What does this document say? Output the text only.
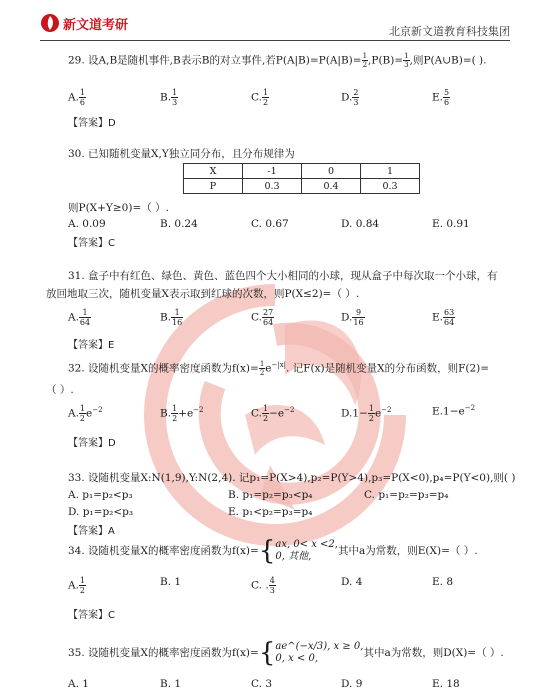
新文道考研	北京新文道教育科技集团
29. 设A,B是随机事件,B表示B的对立事件,若$P(A|B)=P(A|B)= \frac{1}{2} ,P(B)= \frac{1}{3}$ ,则P(A∪B)=( ).
A. $\frac{1}{6}$	B. $\frac{1}{3}$	C. $\frac{1}{2}$	D. $\frac{2}{3}$	E. $\frac{5}{6}$
【答案】D
30. 已知随机变量X,Y独立同分布，且分布规律为
X	-1	0	1
P	0.3	0.4	0.3
则P(X+Y≥0)=（ ）.
A. 0.09	B. 0.24	C. 0.67	D. 0.84	E. 0.91
【答案】C
31. 盒子中有红色、绿色、黄色、蓝色四个大小相同的小球，现从盒子中每次取一个小球，有
放回地取三次，随机变量X表示取到红球的次数，则P(X≤2)=（ ）.
A. $\frac{1}{64}$	B. $\frac{1}{16}$	C. $\frac{27}{64}$	D. $\frac{9}{16}$	E. $\frac{63}{64}$
【答案】E
32. 设随机变量X的概率密度函数为$f(x)= \frac{1}{2} e^{-|x|}$. 记F(x)是随机变量X的分布函数，则F(2)=
（ ）.
A. $\frac{1}{2} e^{-2}$	B. $\frac{1}{2} +e^{-2}$	C. $\frac{1}{2} -e^{-2}$	$D.1- \frac{1}{2} e^{-2}$	$E.1-e^{-2}$
【答案】D
33. 设随机变量X:N(1,9),Y:N(2,4). 记p₁=P(X>4),p₂=P(Y>4),p₃=P(X<0),p₄=P(Y<0),则( )
A. p₁=p₂<p₃	B. p₁=p₂=p₃<p₄	C. p₁=p₂=p₃=p₄
D. p₁=p₂<p₃	E. p₁<p₂=p₃=p₄
【答案】A
34. 设随机变量X的概率密度函数为f(x)={ ax, 0< x <2,
0, 其他,	其中a为常数，则E(X)=（ ）.
A. $\frac{1}{2}$	B. 1	C. . $\frac{4}{3}$	D. 4	E. 8
【答案】C
35. 设随机变量X的概率密度函数为f(x)={ ae^(−x/3), x ≥ 0,
0, x < 0,	其中a为常数，则D(X)=（ ）.
A. 1	B. 1	C. 3	D. 9	E. 18
